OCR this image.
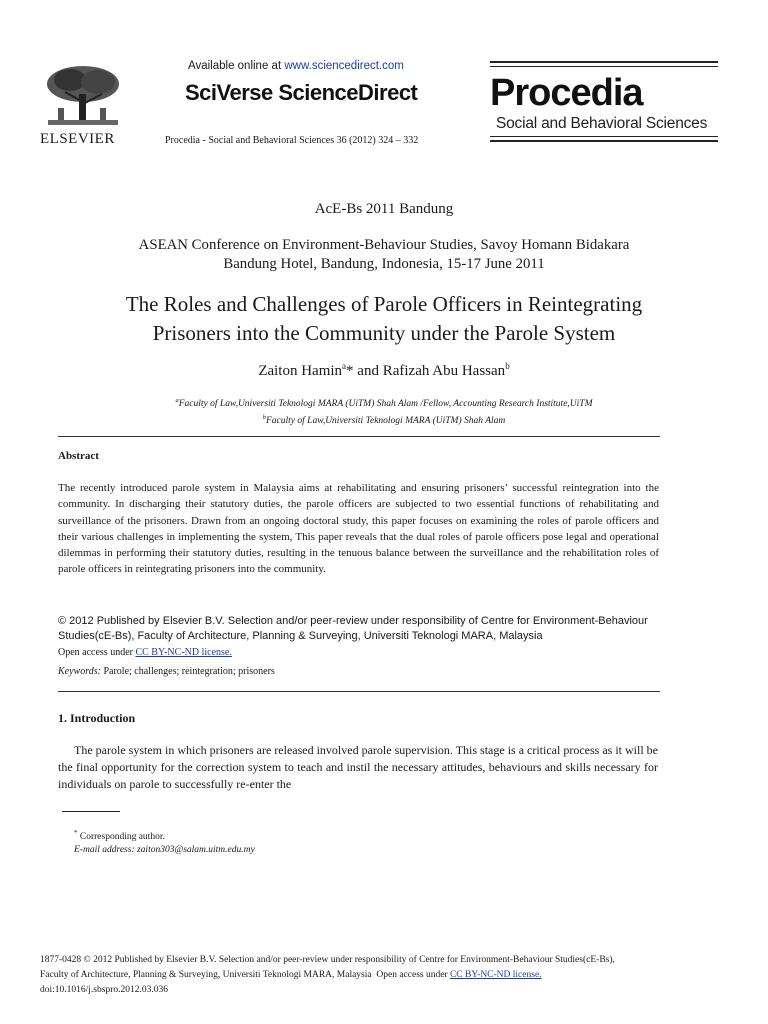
ELSEVIER
Available online at www.sciencedirect.com
SciVerse ScienceDirect
Procedia - Social and Behavioral Sciences 36 (2012) 324 – 332
Procedia
Social and Behavioral Sciences
AcE-Bs 2011 Bandung
ASEAN Conference on Environment-Behaviour Studies, Savoy Homann Bidakara
Bandung Hotel, Bandung, Indonesia, 15-17 June 2011
The Roles and Challenges of Parole Officers in Reintegrating
Prisoners into the Community under the Parole System
Zaiton Hamin$^a$* and Rafizah Abu Hassan$^b$
$^a$Faculty of Law,Universiti Teknologi MARA (UiTM) Shah Alam /Fellow, Accounting Research Institute,UiTM
$^b$Faculty of Law,Universiti Teknologi MARA (UiTM) Shah Alam
Abstract
The recently introduced parole system in Malaysia aims at rehabilitating and ensuring prisoners’ successful reintegration into the community. In discharging their statutory duties, the parole officers are subjected to two essential functions of rehabilitating and surveillance of the prisoners. Drawn from an ongoing doctoral study, this paper focuses on examining the roles of parole officers and their various challenges in implementing the system, This paper reveals that the dual roles of parole officers pose legal and operational dilemmas in performing their statutory duties, resulting in the tenuous balance between the surveillance and the rehabilitation roles of parole officers in reintegrating prisoners into the community.
© 2012 Published by Elsevier B.V. Selection and/or peer-review under responsibility of Centre for Environment-Behaviour Studies(cE-Bs), Faculty of Architecture, Planning & Surveying, Universiti Teknologi MARA, Malaysia
Open access under CC BY-NC-ND license.
Keywords: Parole; challenges; reintegration; prisoners
1. Introduction
The parole system in which prisoners are released involved parole supervision. This stage is a critical process as it will be the final opportunity for the correction system to teach and instil the necessary attitudes, behaviours and skills necessary for individuals on parole to successfully re-enter the
* Corresponding author.
E-mail address: zaiton303@salam.uitm.edu.my
1877-0428 © 2012 Published by Elsevier B.V. Selection and/or peer-review under responsibility of Centre for Environment-Behaviour Studies(cE-Bs),
Faculty of Architecture, Planning & Surveying, Universiti Teknologi MARA, Malaysia  Open access under CC BY-NC-ND license.
doi:10.1016/j.sbspro.2012.03.036
